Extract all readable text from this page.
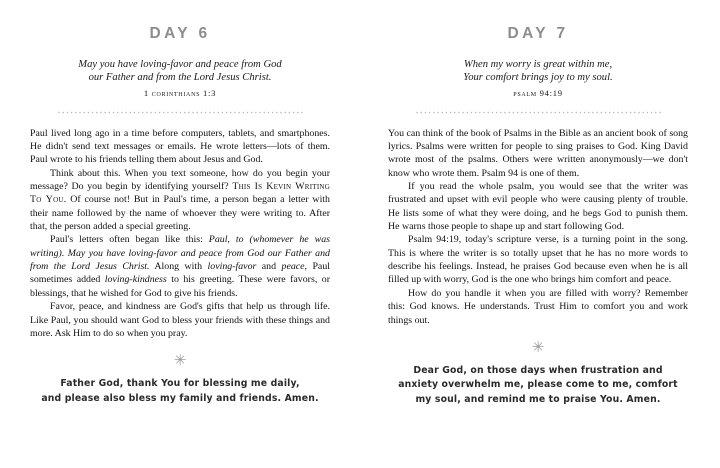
DAY 6
May you have loving-favor and peace from God
our Father and from the Lord Jesus Christ.
1 corinthians 1:3

Paul lived long ago in a time before computers, tablets, and smartphones. He didn't send text messages or emails. He wrote letters—lots of them. Paul wrote to his friends telling them about Jesus and God.

Think about this. When you text someone, how do you begin your message? Do you begin by identifying yourself? This Is Kevin Writing To You. Of course not! But in Paul's time, a person began a letter with their name followed by the name of whoever they were writing to. After that, the person added a special greeting.

Paul's letters often began like this: Paul, to (whomever he was writing). May you have loving-favor and peace from God our Father and from the Lord Jesus Christ. Along with loving-favor and peace, Paul sometimes added loving-kindness to his greeting. These were favors, or blessings, that he wished for God to give his friends.

Favor, peace, and kindness are God's gifts that help us through life. Like Paul, you should want God to bless your friends with these things and more. Ask Him to do so when you pray.

✳
Father God, thank You for blessing me daily,
and please also bless my family and friends. Amen.
DAY 7
When my worry is great within me,
Your comfort brings joy to my soul.
psalm 94:19

You can think of the book of Psalms in the Bible as an ancient book of song lyrics. Psalms were written for people to sing praises to God. King David wrote most of the psalms. Others were written anonymously—we don't know who wrote them. Psalm 94 is one of them.

If you read the whole psalm, you would see that the writer was frustrated and upset with evil people who were causing plenty of trouble. He lists some of what they were doing, and he begs God to punish them. He warns those people to shape up and start following God.

Psalm 94:19, today's scripture verse, is a turning point in the song. This is where the writer is so totally upset that he has no more words to describe his feelings. Instead, he praises God because even when he is all filled up with worry, God is the one who brings him comfort and peace.

How do you handle it when you are filled with worry? Remember this: God knows. He understands. Trust Him to comfort you and work things out.

✳
Dear God, on those days when frustration and
anxiety overwhelm me, please come to me, comfort
my soul, and remind me to praise You. Amen.
